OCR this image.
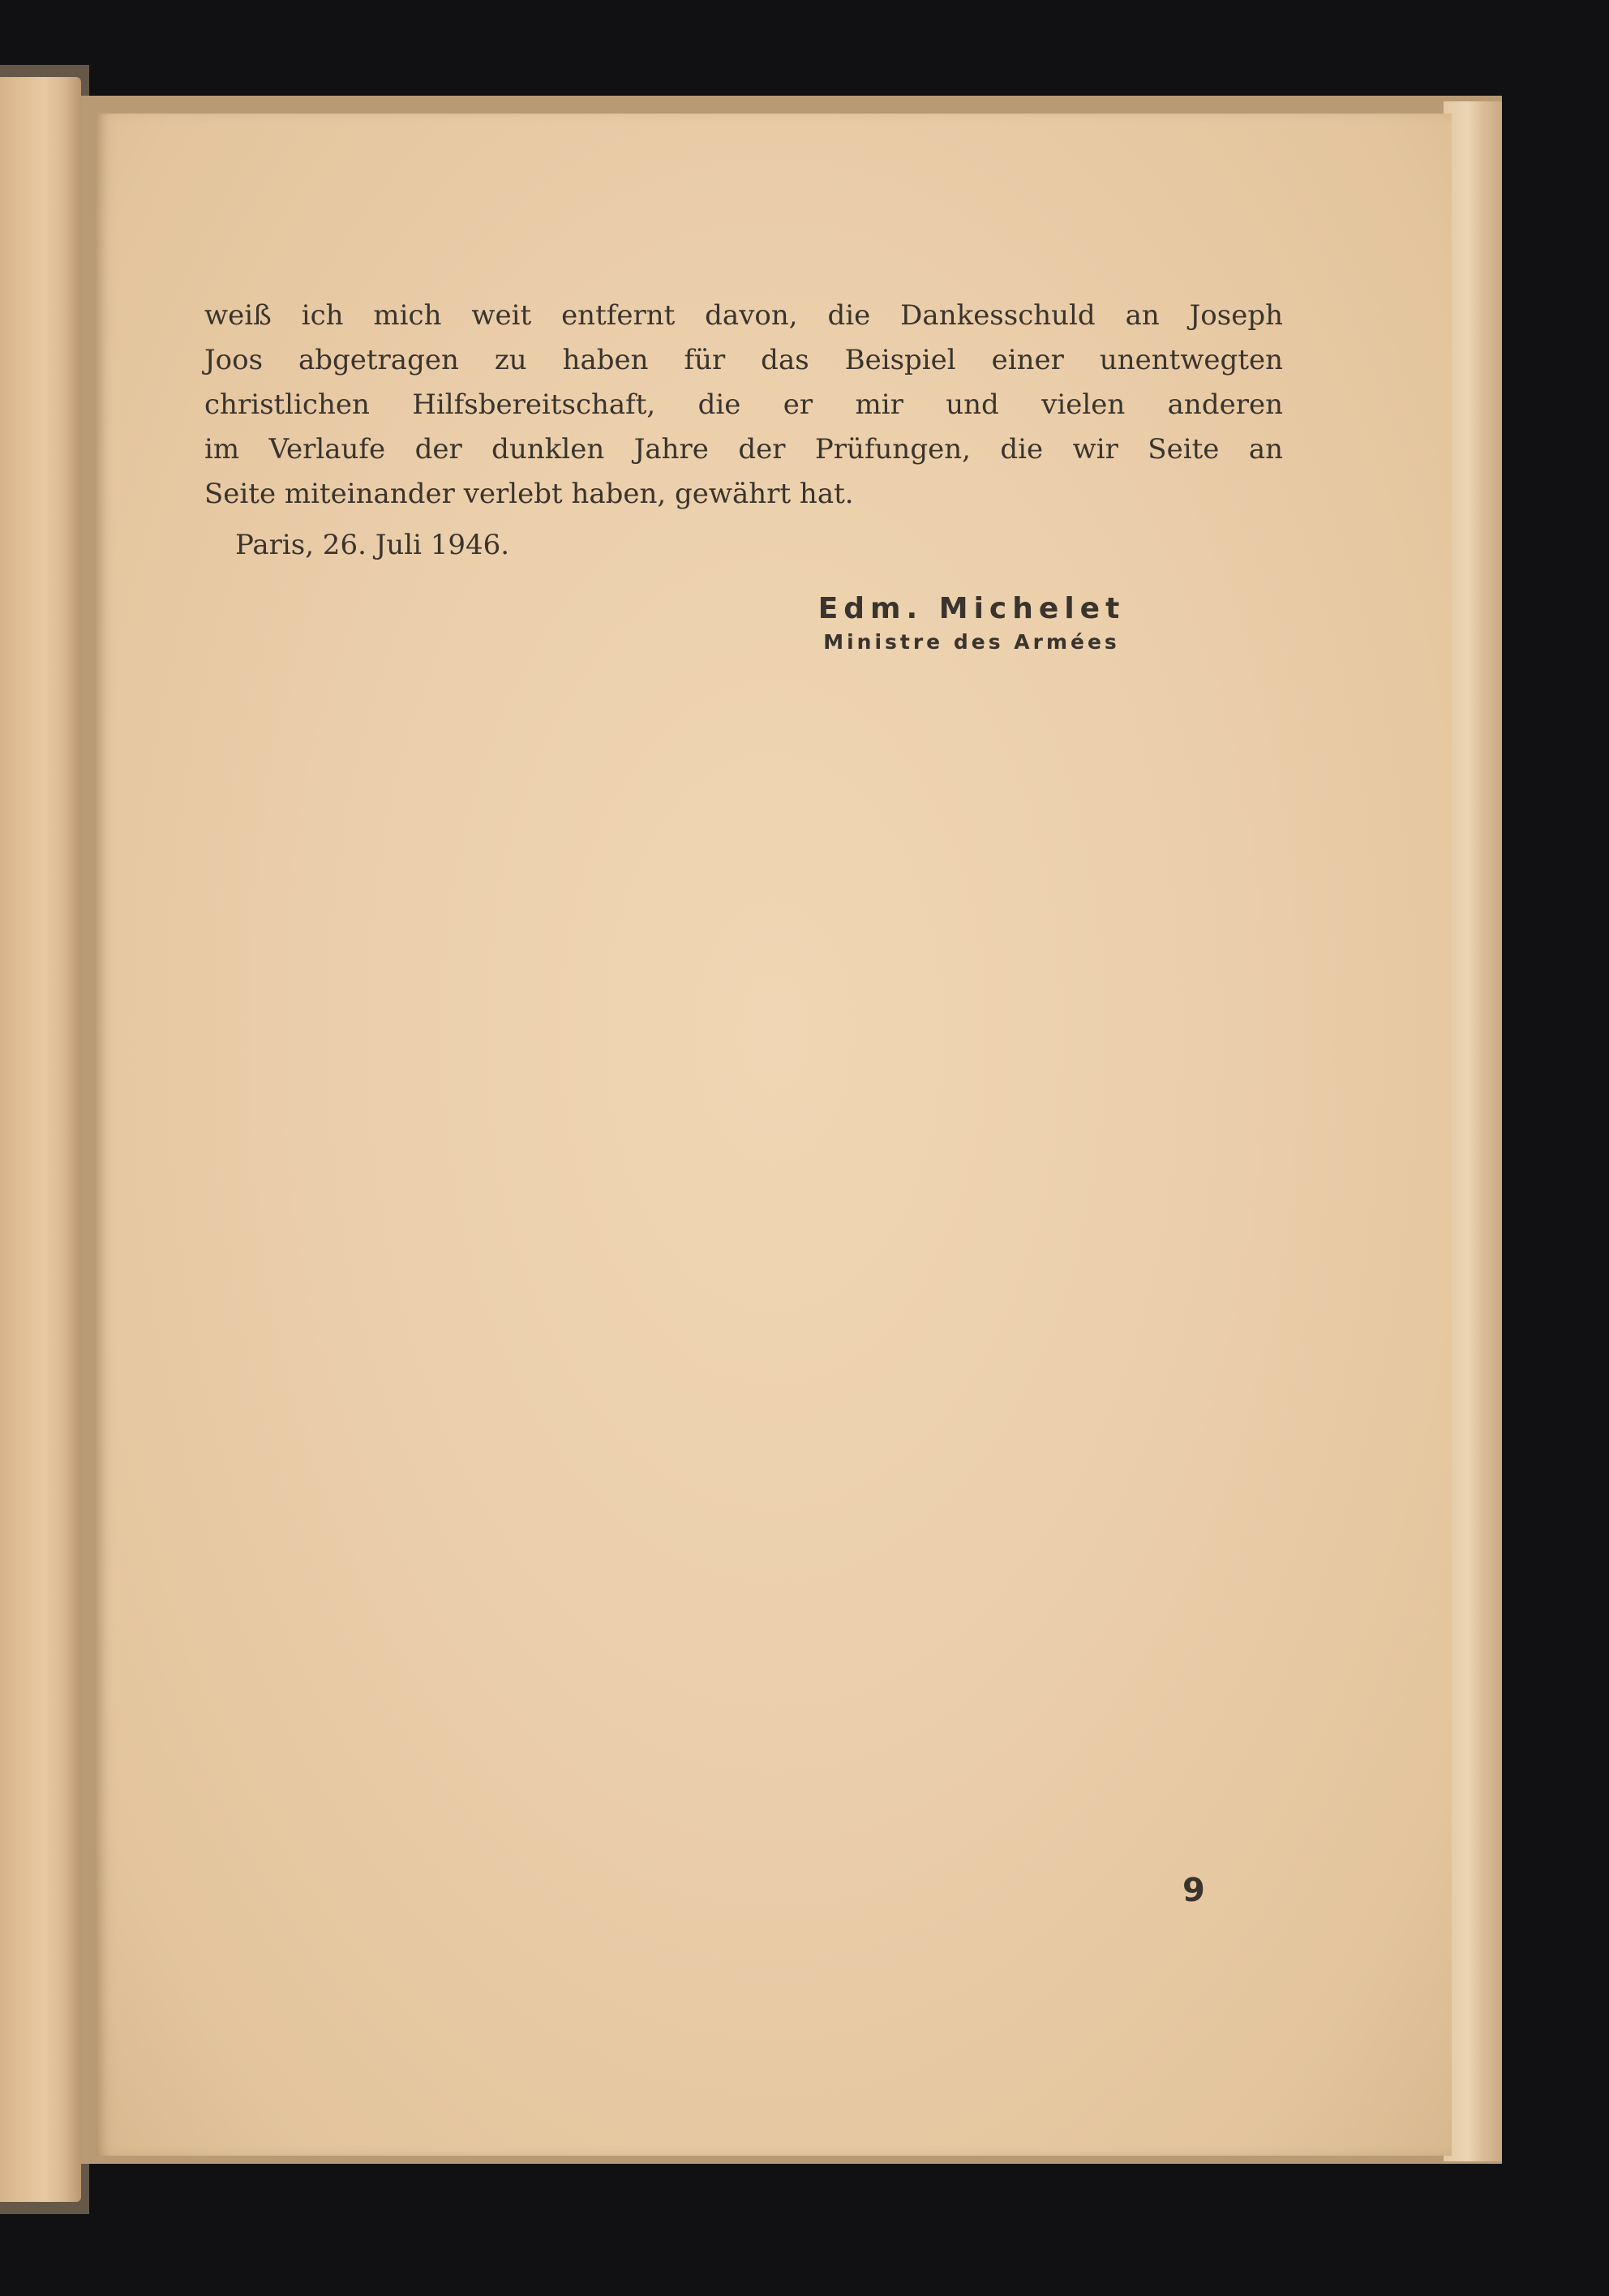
weiß ich mich weit entfernt davon, die Dankesschuld an Joseph
Joos abgetragen zu haben für das Beispiel einer unentwegten
christlichen Hilfsbereitschaft, die er mir und vielen anderen
im Verlaufe der dunklen Jahre der Prüfungen, die wir Seite an
Seite miteinander verlebt haben, gewährt hat.
Paris, 26. Juli 1946.
Edm. Michelet
Ministre des Armées
9
